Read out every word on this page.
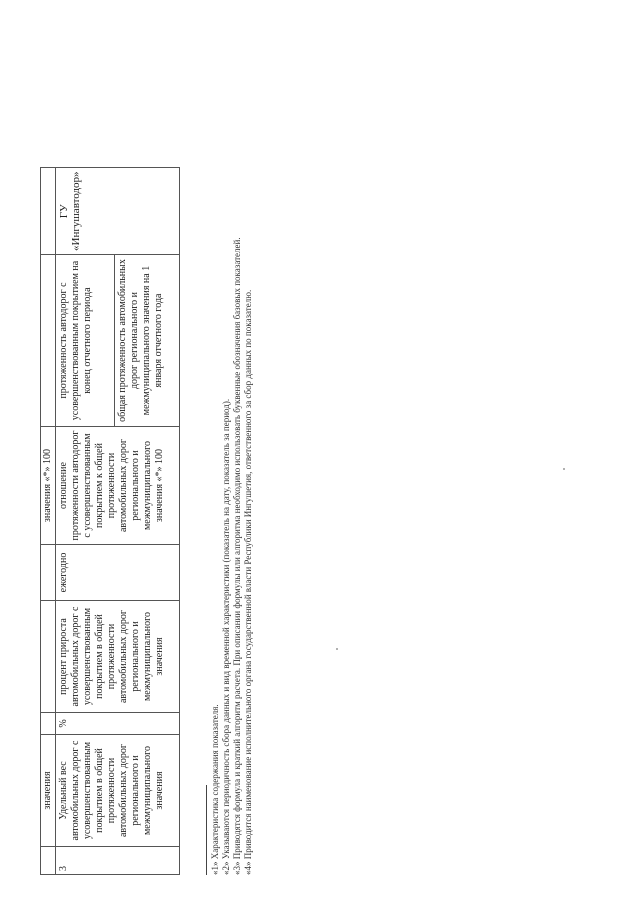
	значения				значения «*» 100		
3	Удельный вес автомобильных дорог с усовершенствованным покрытием в общей протяженности автомобильных дорог регионального и межмуниципального значения	%	процент прироста автомобильных дорог с усовершенствованным покрытием в общей протяженности автомобильных дорог регионального и межмуниципального значения	ежегодно	отношение протяженности автодорог с усовершенствованным покрытием к общей протяженности автомобильных дорог регионального и межмуниципального значения «*» 100	протяженность автодорог с усовершенствованным покрытием на конец отчетного периода	ГУ «Ингушавтодор»
						общая протяженность автомобильных дорог регионального и межмуниципального значения на 1 января отчетного года	

«1» Характеристика содержания показателя. «2» Указываются периодичность сбора данных и вид временной характеристики (показатель на дату, показатель за период). «3» Приводятся формула и краткий алгоритм расчета. При описании формулы или алгоритма необходимо использовать буквенные обозначения базовых показателей. «4» Приводится наименование исполнительного органа государственной власти Республики Ингушетия, ответственного за сбор данных по показателю.
